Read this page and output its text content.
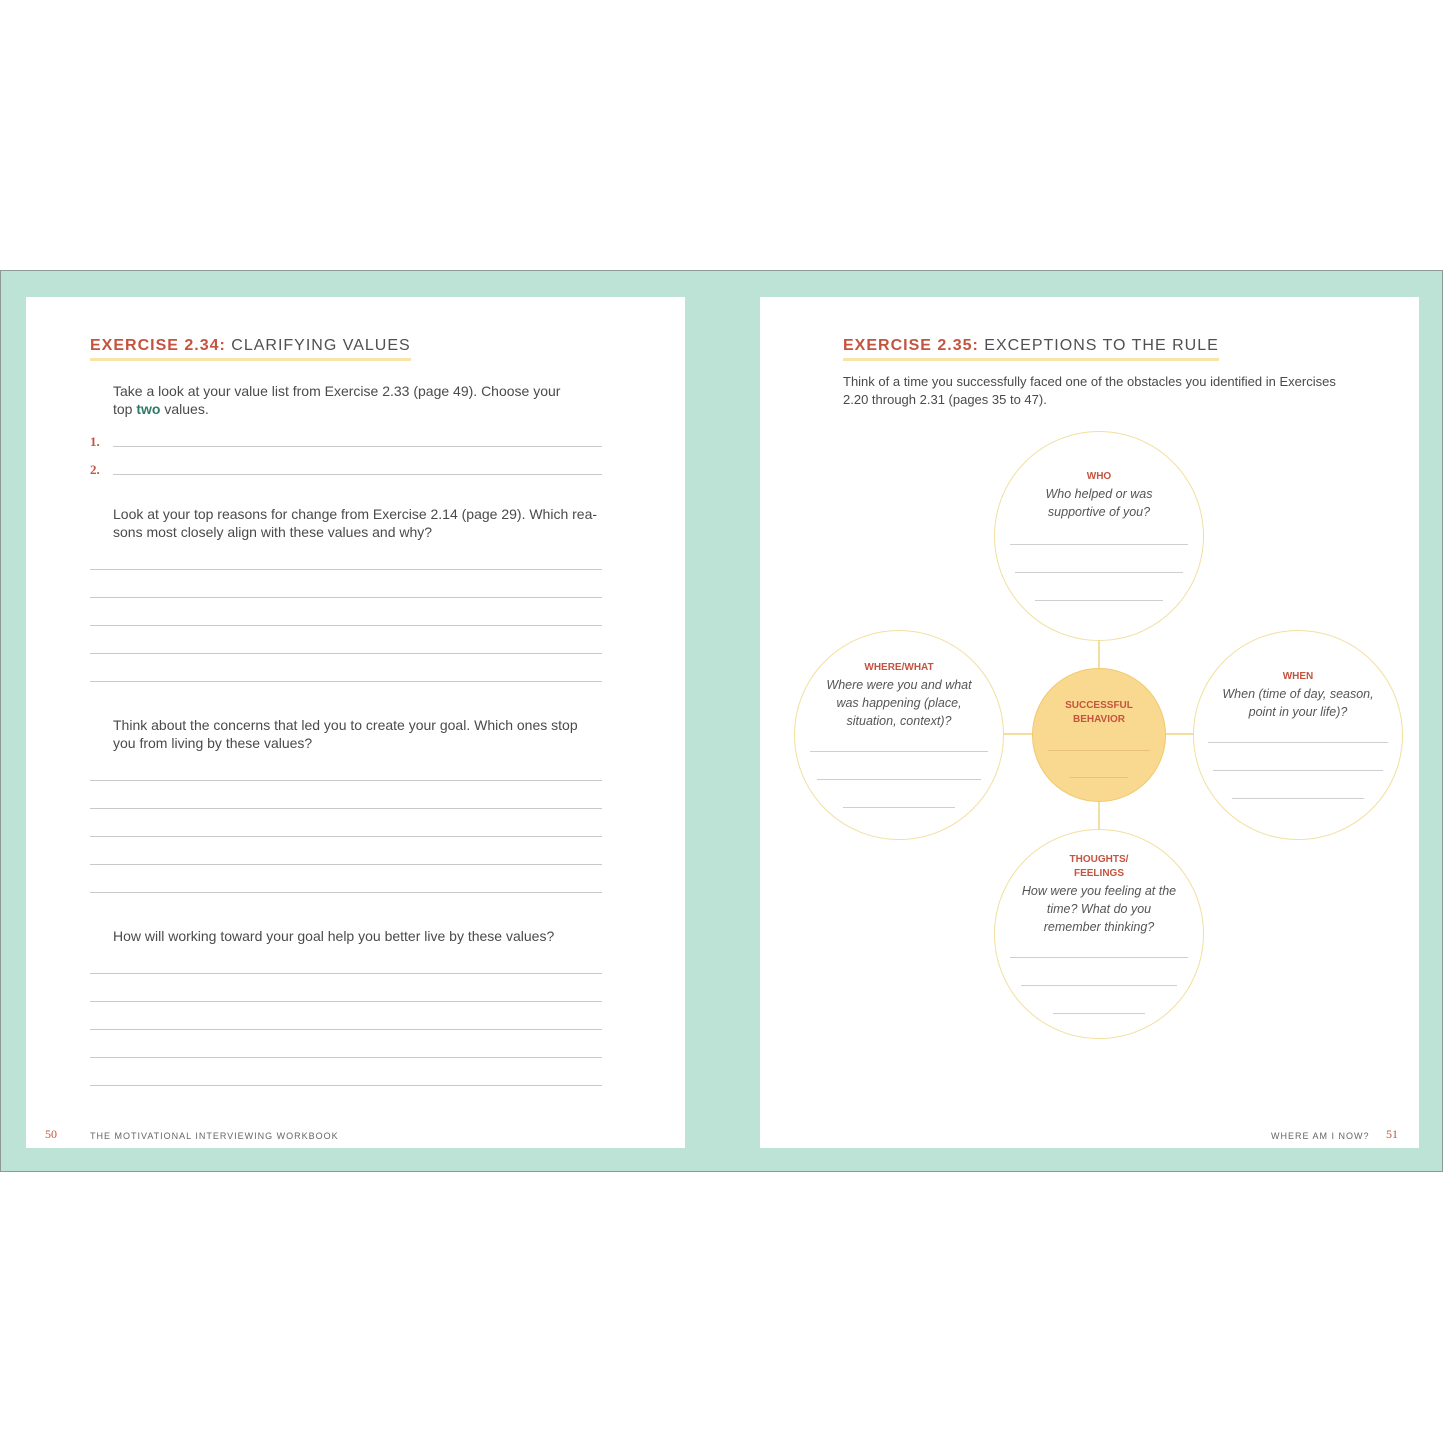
EXERCISE 2.34: CLARIFYING VALUES
Take a look at your value list from Exercise 2.33 (page 49). Choose your top two values.
1.
2.
Look at your top reasons for change from Exercise 2.14 (page 29). Which rea-sons most closely align with these values and why?
Think about the concerns that led you to create your goal. Which ones stop you from living by these values?
How will working toward your goal help you better live by these values?
50	THE MOTIVATIONAL INTERVIEWING WORKBOOK
EXERCISE 2.35: EXCEPTIONS TO THE RULE
Think of a time you successfully faced one of the obstacles you identified in Exercises 2.20 through 2.31 (pages 35 to 47).
WHO
Who helped or was supportive of you?
WHERE/WHAT
Where were you and what was happening (place, situation, context)?
WHEN
When (time of day, season, point in your life)?
THOUGHTS/ FEELINGS
How were you feeling at the time? What do you remember thinking?
SUCCESSFUL BEHAVIOR
WHERE AM I NOW? 51
